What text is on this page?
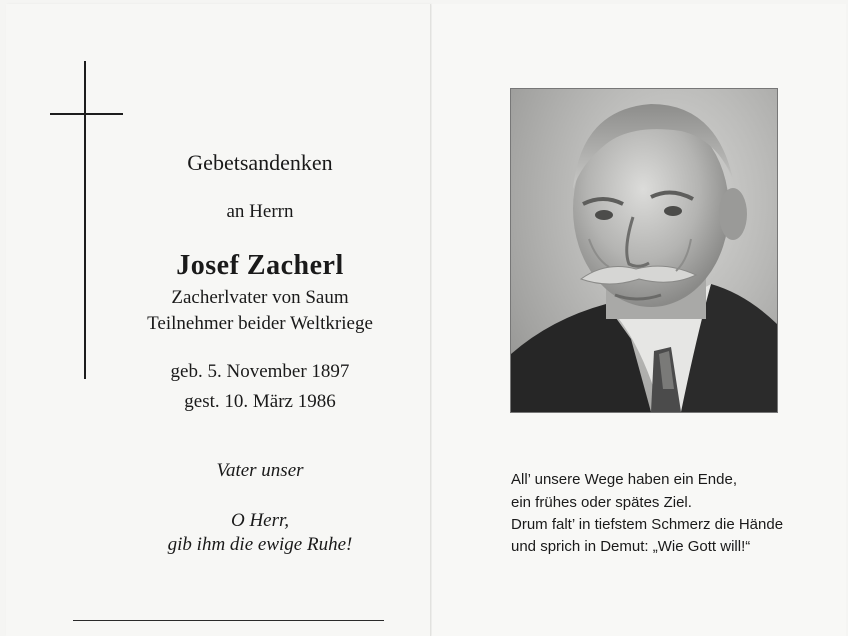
Gebetsandenken
an Herrn
Josef Zacherl
Zacherlvater von Saum
Teilnehmer beider Weltkriege
geb. 5. November 1897
gest. 10. März 1986
Vater unser
O Herr,
gib ihm die ewige Ruhe!
All’ unsere Wege haben ein Ende,
ein frühes oder spätes Ziel.
Drum falt’ in tiefstem Schmerz die Hände
und sprich in Demut: „Wie Gott will!“
